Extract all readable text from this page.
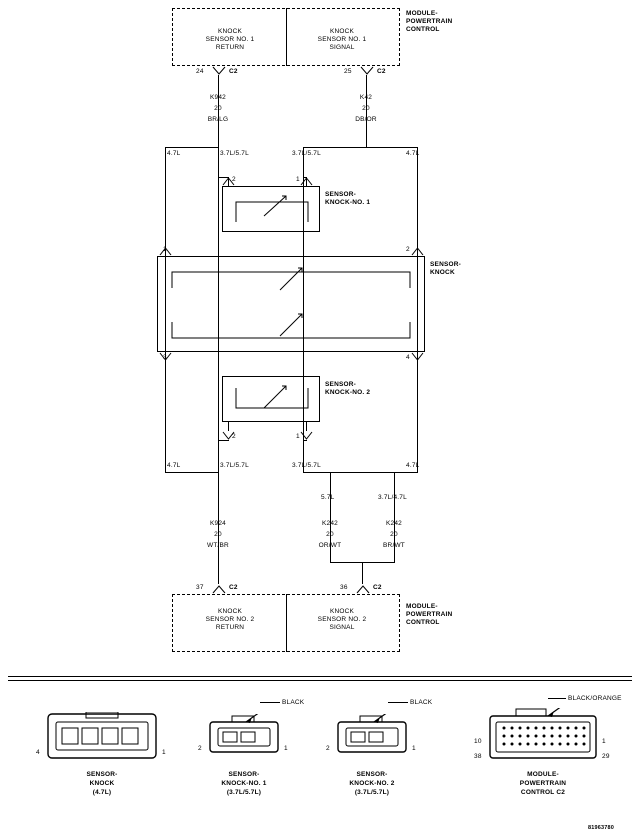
MODULE-
POWERTRAIN
CONTROL
KNOCK
SENSOR NO. 1
RETURN
KNOCK
SENSOR NO. 1
SIGNAL
24	C2	25	C2
K942
20
BR/LG
K42
20
DB/OR
4.7L	3.7L/5.7L	3.7L/5.7L	4.7L
2	1
SENSOR-
KNOCK-NO. 1
1	2
3	4
SENSOR-
KNOCK
2	1
SENSOR-
KNOCK-NO. 2
4.7L	3.7L/5.7L	3.7L/5.7L	4.7L
5.7L	3.7L/4.7L
K924
20
WT/BR
K242
20
OR/WT
K242
20
BR/WT
37	C2	36	C2
KNOCK
SENSOR NO. 2
RETURN
KNOCK
SENSOR NO. 2
SIGNAL
MODULE-
POWERTRAIN
CONTROL
4	1
SENSOR-
KNOCK
(4.7L)
BLACK
2	1
SENSOR-
KNOCK-NO. 1
(3.7L/5.7L)
BLACK
2	1
SENSOR-
KNOCK-NO. 2
(3.7L/5.7L)
BLACK/ORANGE
10
38	29
1
MODULE-
POWERTRAIN
CONTROL C2
81963780
